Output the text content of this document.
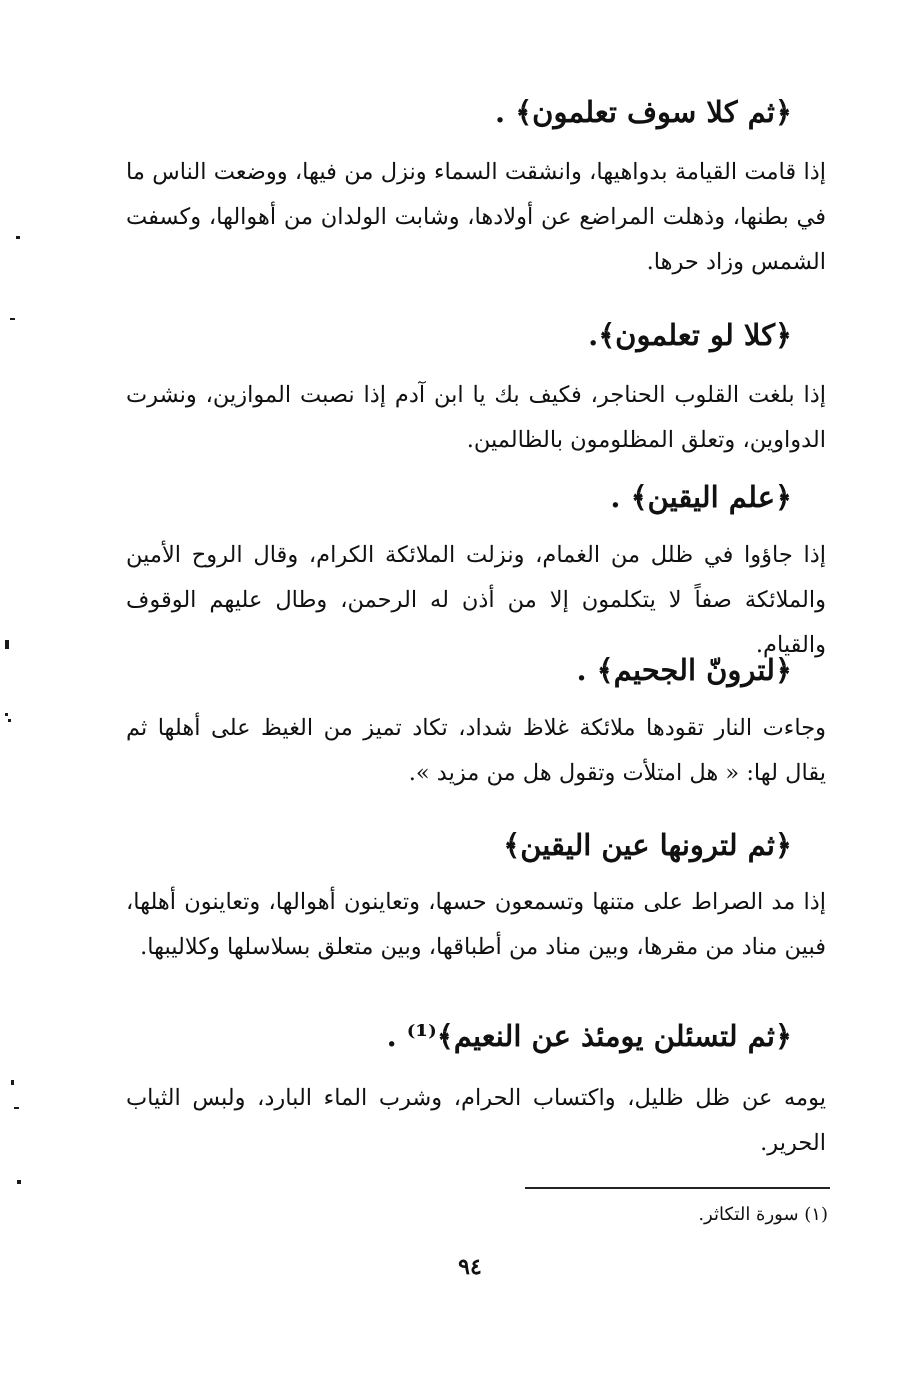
﴿ثم كلا سوف تعلمون﴾ .
إذا قامت القيامة بدواهيها، وانشقت السماء ونزل من فيها، ووضعت الناس ما في بطنها، وذهلت المراضع عن أولادها، وشابت الولدان من أهوالها، وكسفت الشمس وزاد حرها.
﴿كلا لو تعلمون﴾.
إذا بلغت القلوب الحناجر، فكيف بك يا ابن آدم إذا نصبت الموازين، ونشرت الدواوين، وتعلق المظلومون بالظالمين.
﴿علم اليقين﴾ .
إذا جاؤوا في ظلل من الغمام، ونزلت الملائكة الكرام، وقال الروح الأمين والملائكة صفاً لا يتكلمون إلا من أذن له الرحمن، وطال عليهم الوقوف والقيام.
﴿لترونّ الجحيم﴾ .
وجاءت النار تقودها ملائكة غلاظ شداد، تكاد تميز من الغيظ على أهلها ثم يقال لها: « هل امتلأت وتقول هل من مزيد ».
﴿ثم لترونها عين اليقين﴾
إذا مد الصراط على متنها وتسمعون حسها، وتعاينون أهوالها، وتعاينون أهلها، فبين مناد من مقرها، وبين مناد من أطباقها، وبين متعلق بسلاسلها وكلاليبها.
﴿ثم لتسئلن يومئذ عن النعيم﴾⁽¹⁾ .
يومه عن ظل ظليل، واكتساب الحرام، وشرب الماء البارد، ولبس الثياب الحرير.
(١) سورة التكاثر.
٩٤
